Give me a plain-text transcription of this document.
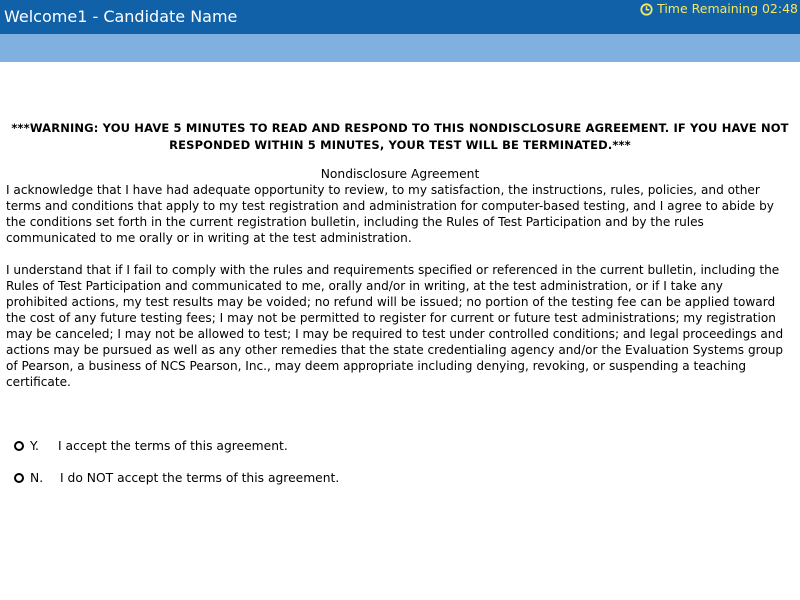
Welcome1 - Candidate Name	Time Remaining 02:48
***WARNING: YOU HAVE 5 MINUTES TO READ AND RESPOND TO THIS NONDISCLOSURE AGREEMENT. IF YOU HAVE NOT RESPONDED WITHIN 5 MINUTES, YOUR TEST WILL BE TERMINATED.***
Nondisclosure Agreement
I acknowledge that I have had adequate opportunity to review, to my satisfaction, the instructions, rules, policies, and other terms and conditions that apply to my test registration and administration for computer-based testing, and I agree to abide by the conditions set forth in the current registration bulletin, including the Rules of Test Participation and by the rules communicated to me orally or in writing at the test administration.
I understand that if I fail to comply with the rules and requirements specified or referenced in the current bulletin, including the Rules of Test Participation and communicated to me, orally and/or in writing, at the test administration, or if I take any prohibited actions, my test results may be voided; no refund will be issued; no portion of the testing fee can be applied toward the cost of any future testing fees; I may not be permitted to register for current or future test administrations; my registration may be canceled; I may not be allowed to test; I may be required to test under controlled conditions; and legal proceedings and actions may be pursued as well as any other remedies that the state credentialing agency and/or the Evaluation Systems group of Pearson, a business of NCS Pearson, Inc., may deem appropriate including denying, revoking, or suspending a teaching certificate.
Y.	I accept the terms of this agreement.
N.	I do NOT accept the terms of this agreement.
